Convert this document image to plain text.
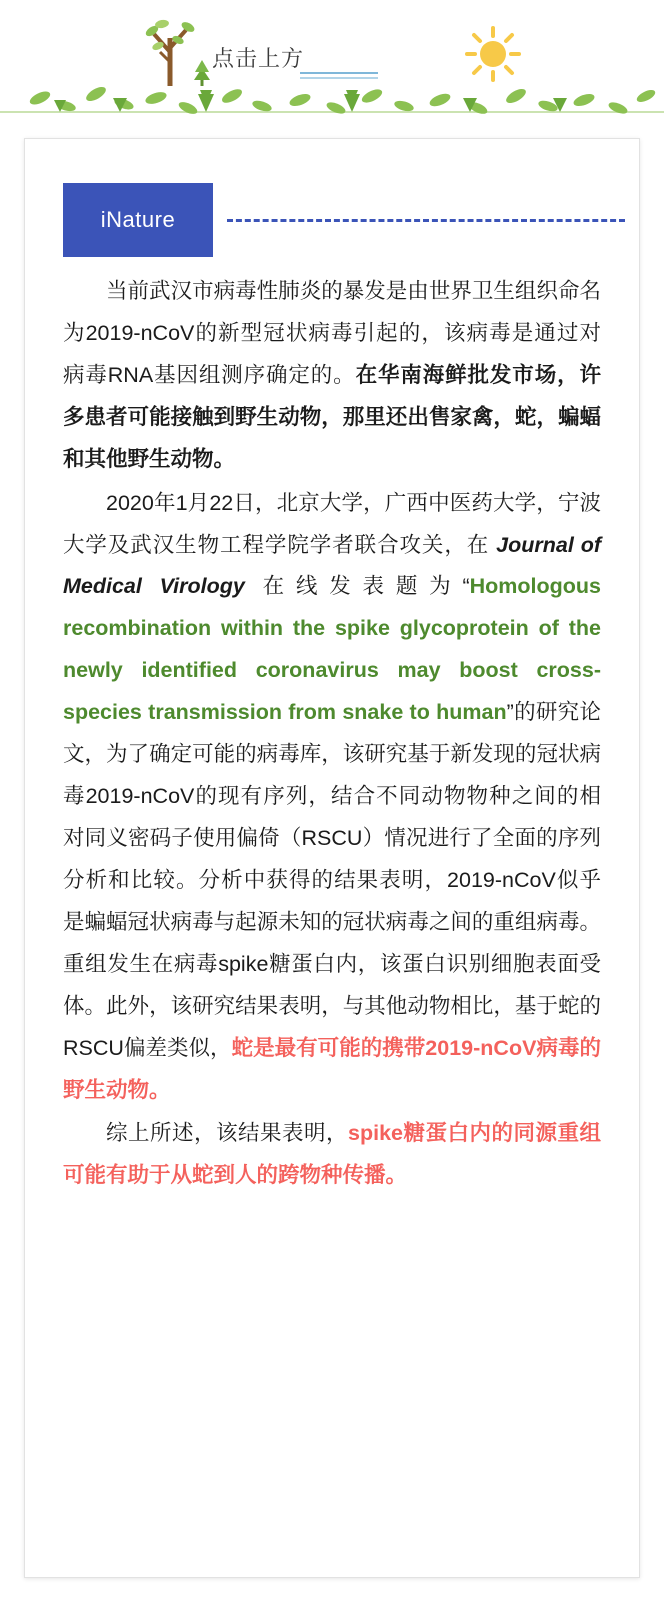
点击上方
iNature

当前武汉市病毒性肺炎的暴发是由世界卫生组织命名为2019-nCoV的新型冠状病毒引起的，该病毒是通过对病毒RNA基因组测序确定的。在华南海鲜批发市场，许多患者可能接触到野生动物，那里还出售家禽，蛇，蝙蝠和其他野生动物。

2020年1月22日，北京大学，广西中医药大学，宁波大学及武汉生物工程学院学者联合攻关，在 Journal of Medical Virology 在线发表题为“Homologous recombination within the spike glycoprotein of the newly identified coronavirus may boost cross-species transmission from snake to human”的研究论文，为了确定可能的病毒库，该研究基于新发现的冠状病毒2019-nCoV的现有序列，结合不同动物物种之间的相对同义密码子使用偏倚（RSCU）情况进行了全面的序列分析和比较。分析中获得的结果表明，2019-nCoV似乎是蝙蝠冠状病毒与起源未知的冠状病毒之间的重组病毒。重组发生在病毒spike糖蛋白内，该蛋白识别细胞表面受体。此外，该研究结果表明，与其他动物相比，基于蛇的RSCU偏差类似，蛇是最有可能的携带2019-nCoV病毒的野生动物。

综上所述，该结果表明，spike糖蛋白内的同源重组可能有助于从蛇到人的跨物种传播。
